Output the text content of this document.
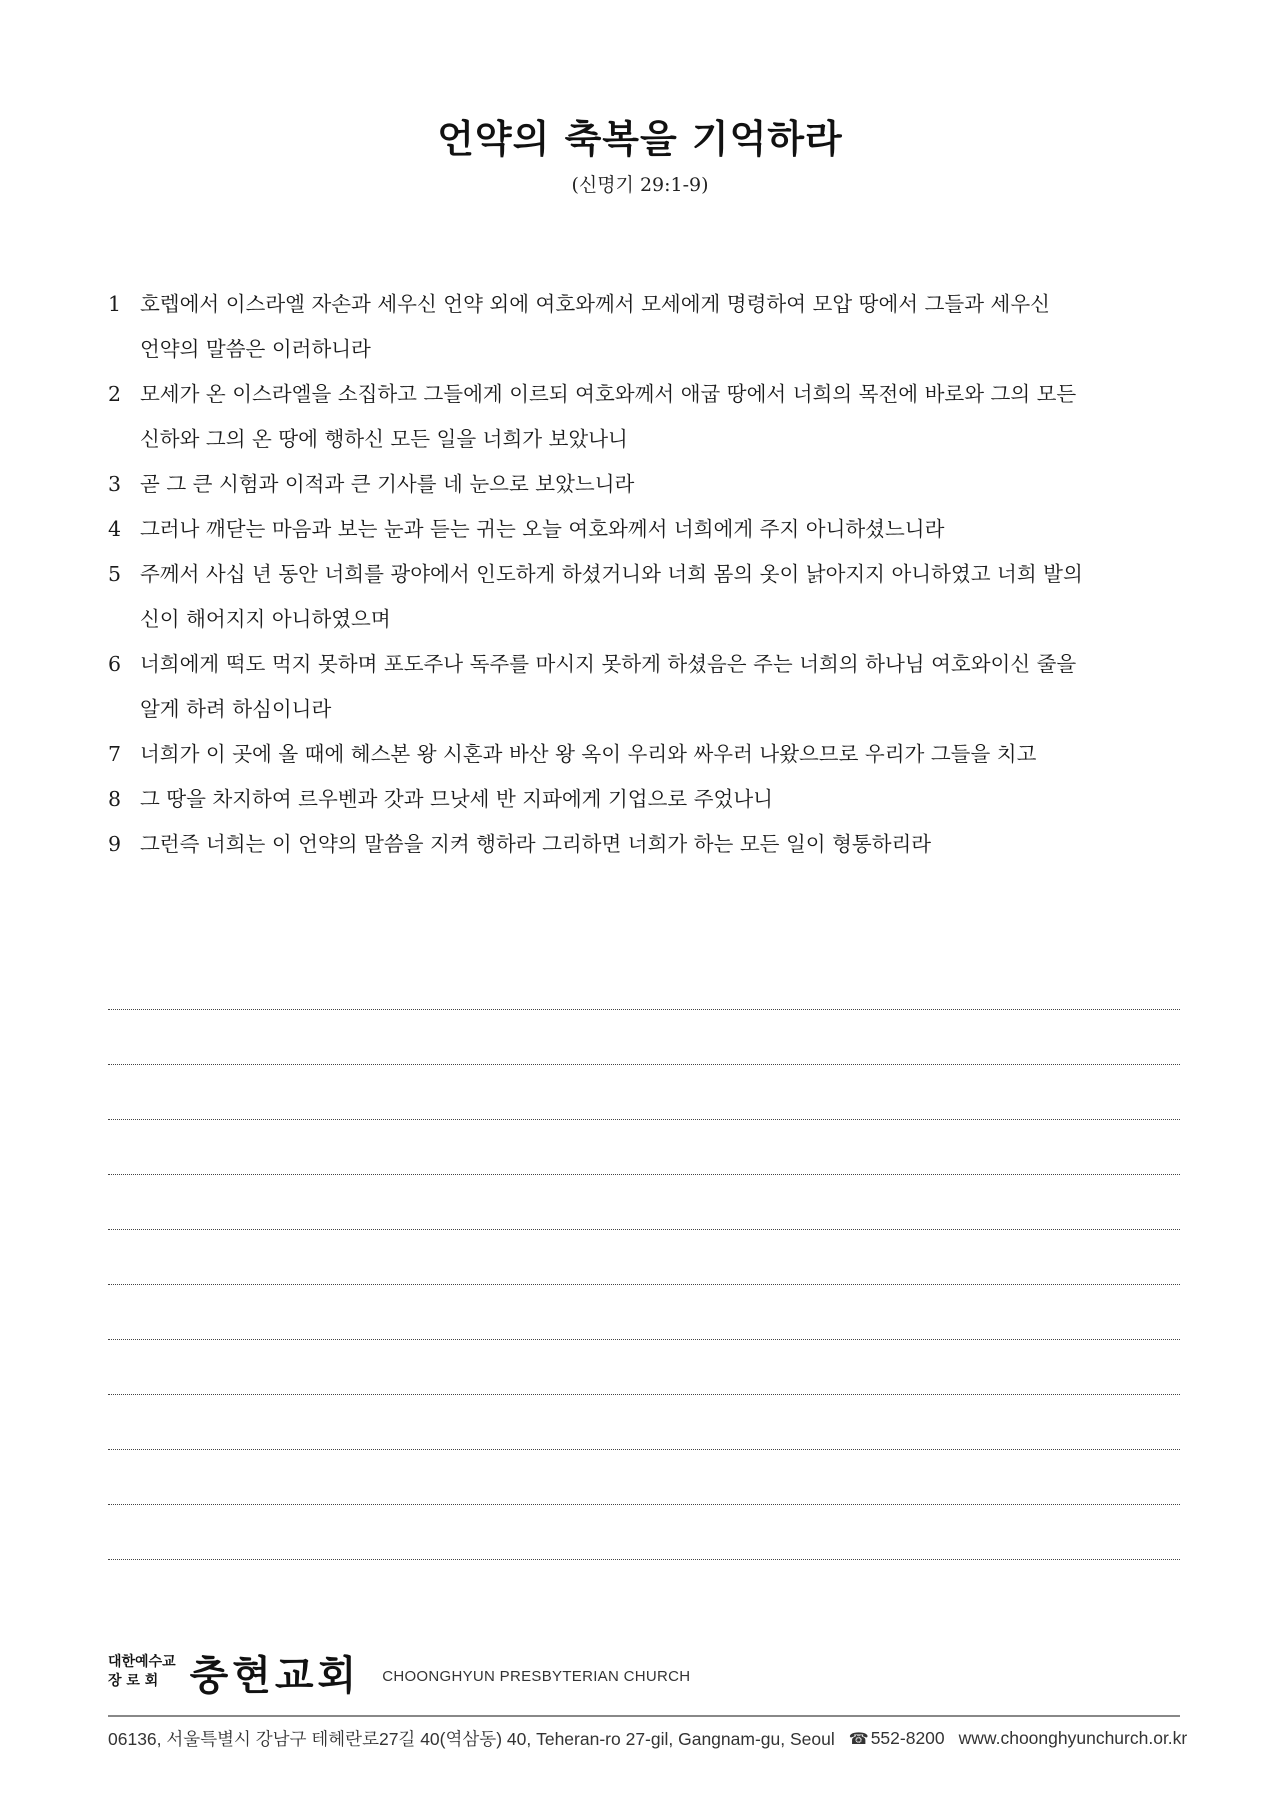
언약의 축복을 기억하라
(신명기 29:1-9)
1 호렙에서 이스라엘 자손과 세우신 언약 외에 여호와께서 모세에게 명령하여 모압 땅에서 그들과 세우신
언약의 말씀은 이러하니라
2 모세가 온 이스라엘을 소집하고 그들에게 이르되 여호와께서 애굽 땅에서 너희의 목전에 바로와 그의 모든
신하와 그의 온 땅에 행하신 모든 일을 너희가 보았나니
3 곧 그 큰 시험과 이적과 큰 기사를 네 눈으로 보았느니라
4 그러나 깨닫는 마음과 보는 눈과 듣는 귀는 오늘 여호와께서 너희에게 주지 아니하셨느니라
5 주께서 사십 년 동안 너희를 광야에서 인도하게 하셨거니와 너희 몸의 옷이 낡아지지 아니하였고 너희 발의
신이 해어지지 아니하였으며
6 너희에게 떡도 먹지 못하며 포도주나 독주를 마시지 못하게 하셨음은 주는 너희의 하나님 여호와이신 줄을
알게 하려 하심이니라
7 너희가 이 곳에 올 때에 헤스본 왕 시혼과 바산 왕 옥이 우리와 싸우러 나왔으므로 우리가 그들을 치고
8 그 땅을 차지하여 르우벤과 갓과 므낫세 반 지파에게 기업으로 주었나니
9 그런즉 너희는 이 언약의 말씀을 지켜 행하라 그리하면 너희가 하는 모든 일이 형통하리라
대한예수교
장 로 회 충현교회 CHOONGHYUN PRESBYTERIAN CHURCH
06136, 서울특별시 강남구 테헤란로27길 40(역삼동) 40, Teheran-ro 27-gil, Gangnam-gu, Seoul ☎ 552-8200 www.choonghyunchurch.or.kr
